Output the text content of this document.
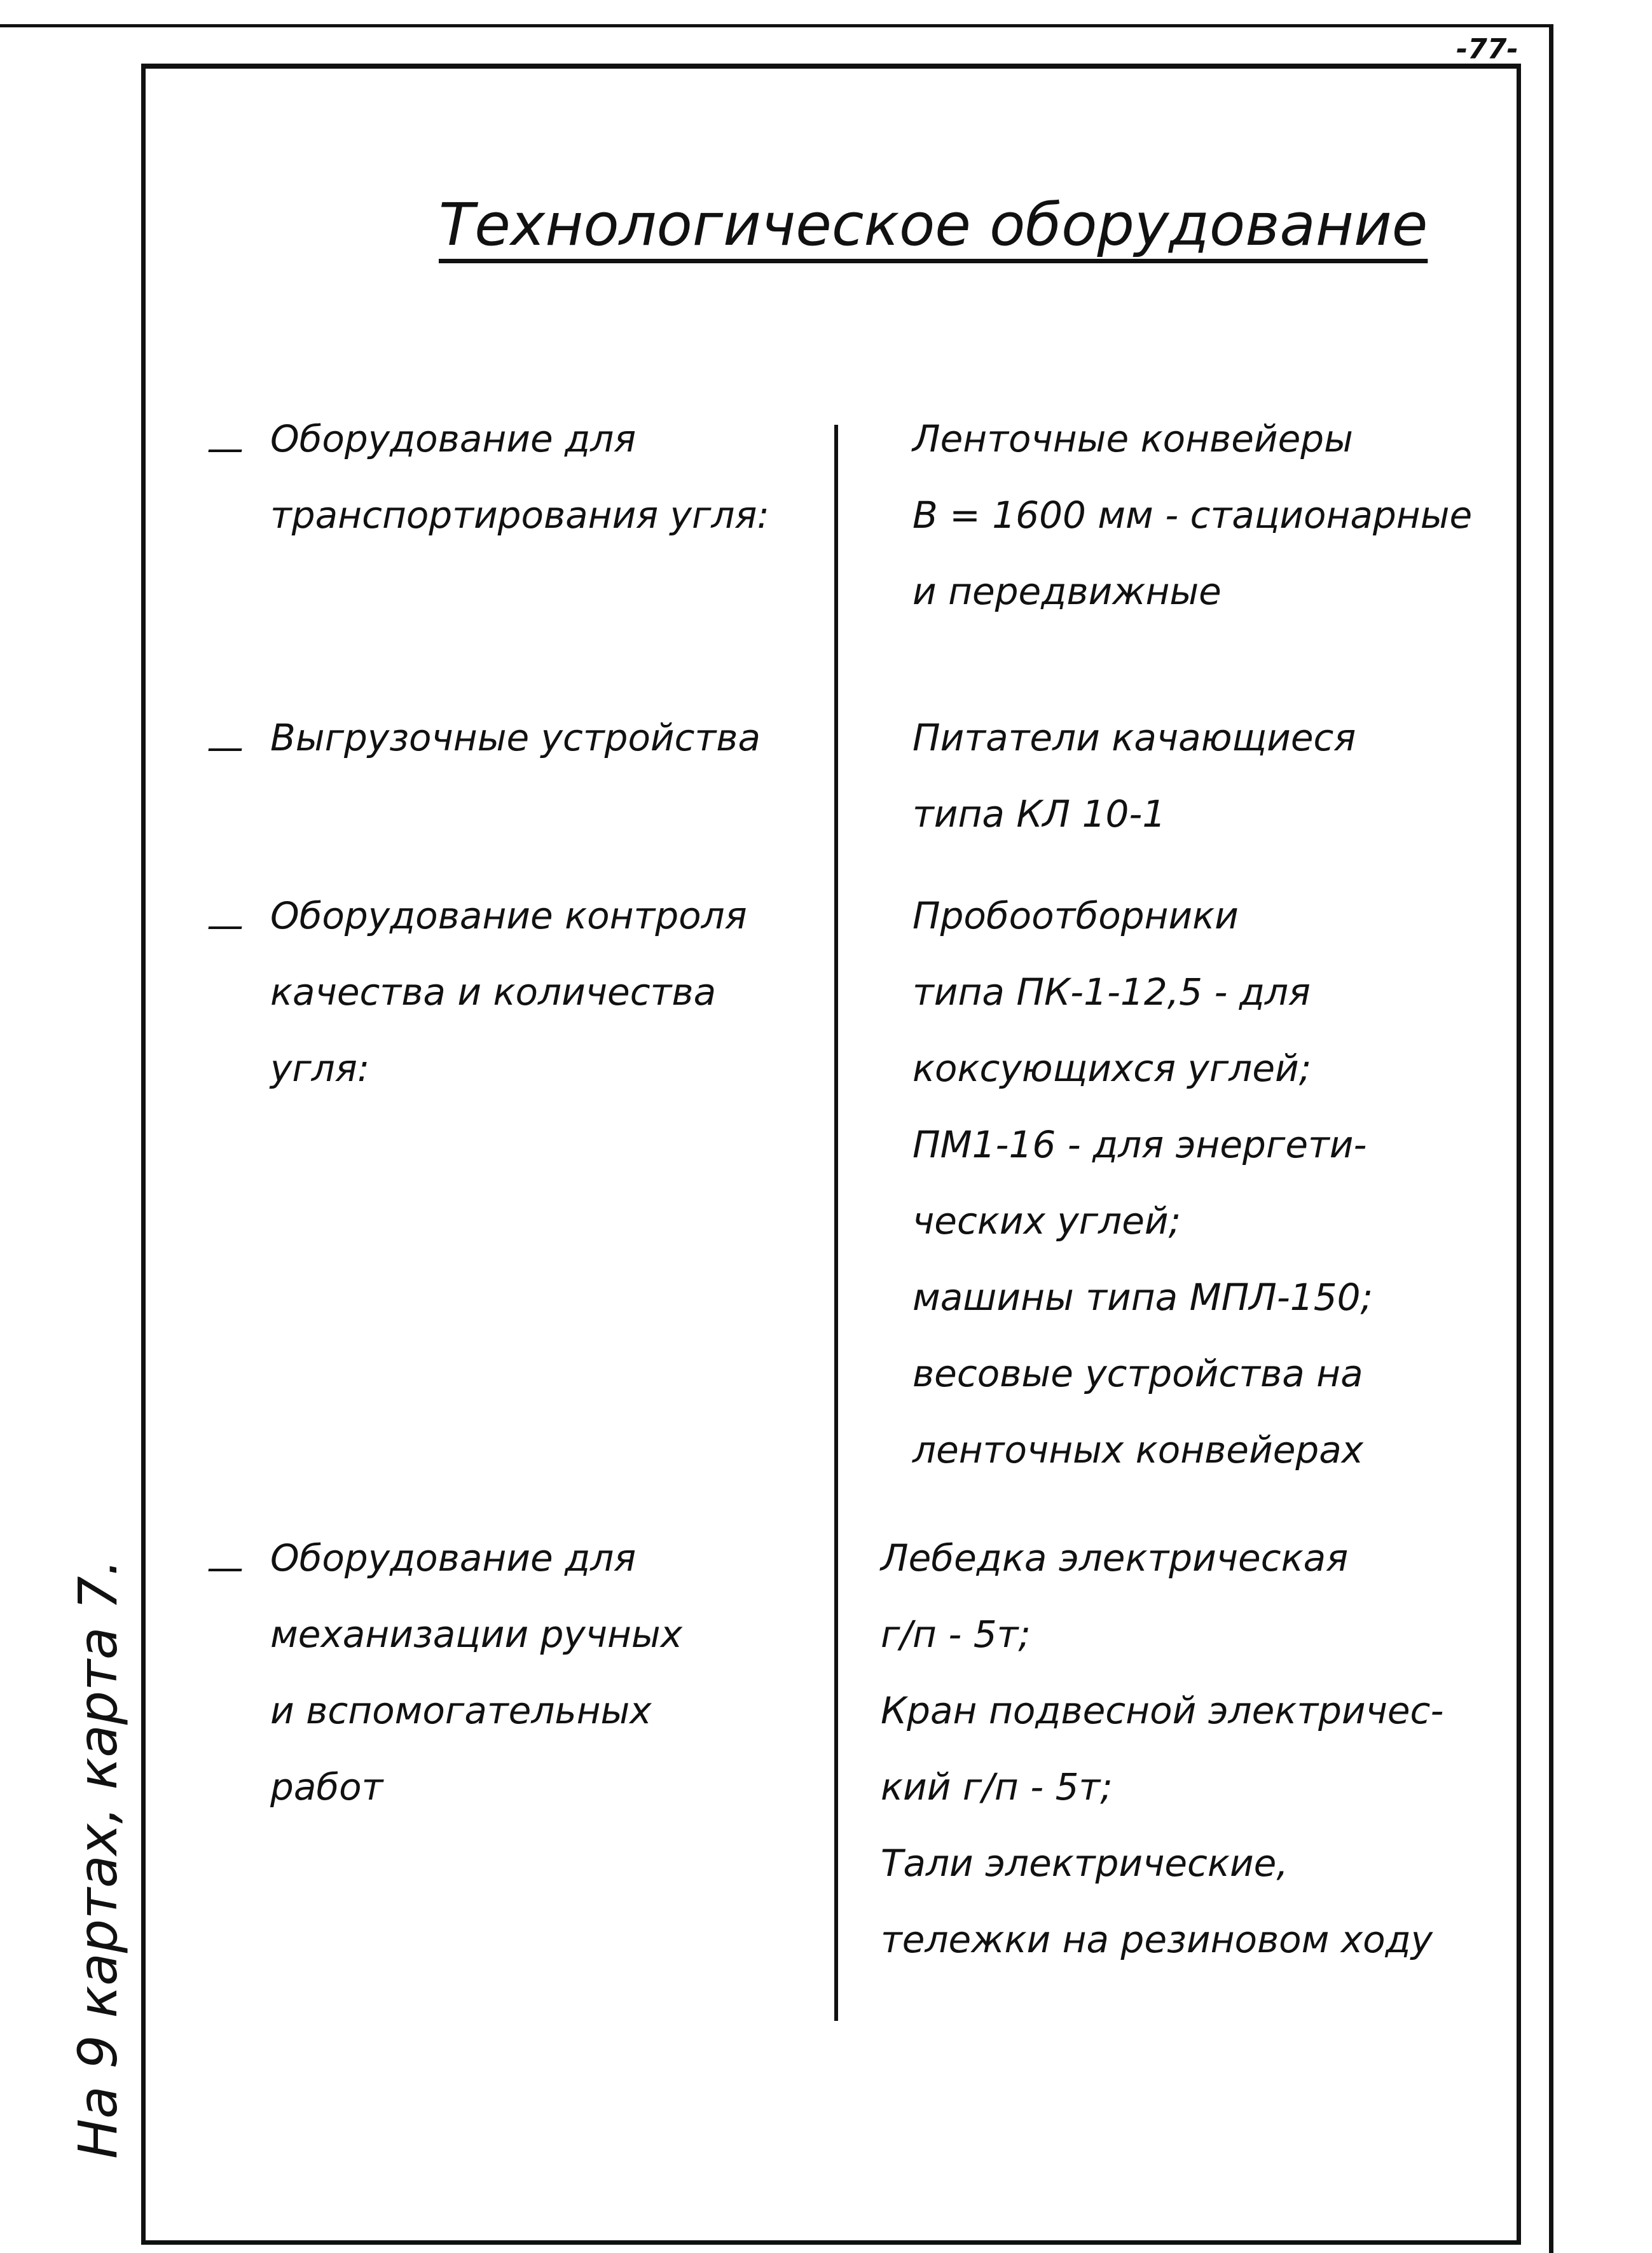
-77-
Технологическое оборудование
— Оборудование для
транспортирования угля:
Ленточные конвейеры
В = 1600 мм - стационарные
и передвижные
— Выгрузочные устройства	Питатели качающиеся
типа КЛ 10-1
— Оборудование контроля
качества и количества
угля:
Пробоотборники
типа ПК-1-12,5 - для
коксующихся углей;
ПМ1-16 - для энергети-
ческих углей;
машины типа МПЛ-150;
весовые устройства на
ленточных конвейерах
— Оборудование для
механизации ручных
и вспомогательных
работ
Лебедка электрическая
г/п - 5т;
Кран подвесной электричес-
кий г/п - 5т;
Тали электрические,
тележки на резиновом ходу
На 9 картах, карта 7.
